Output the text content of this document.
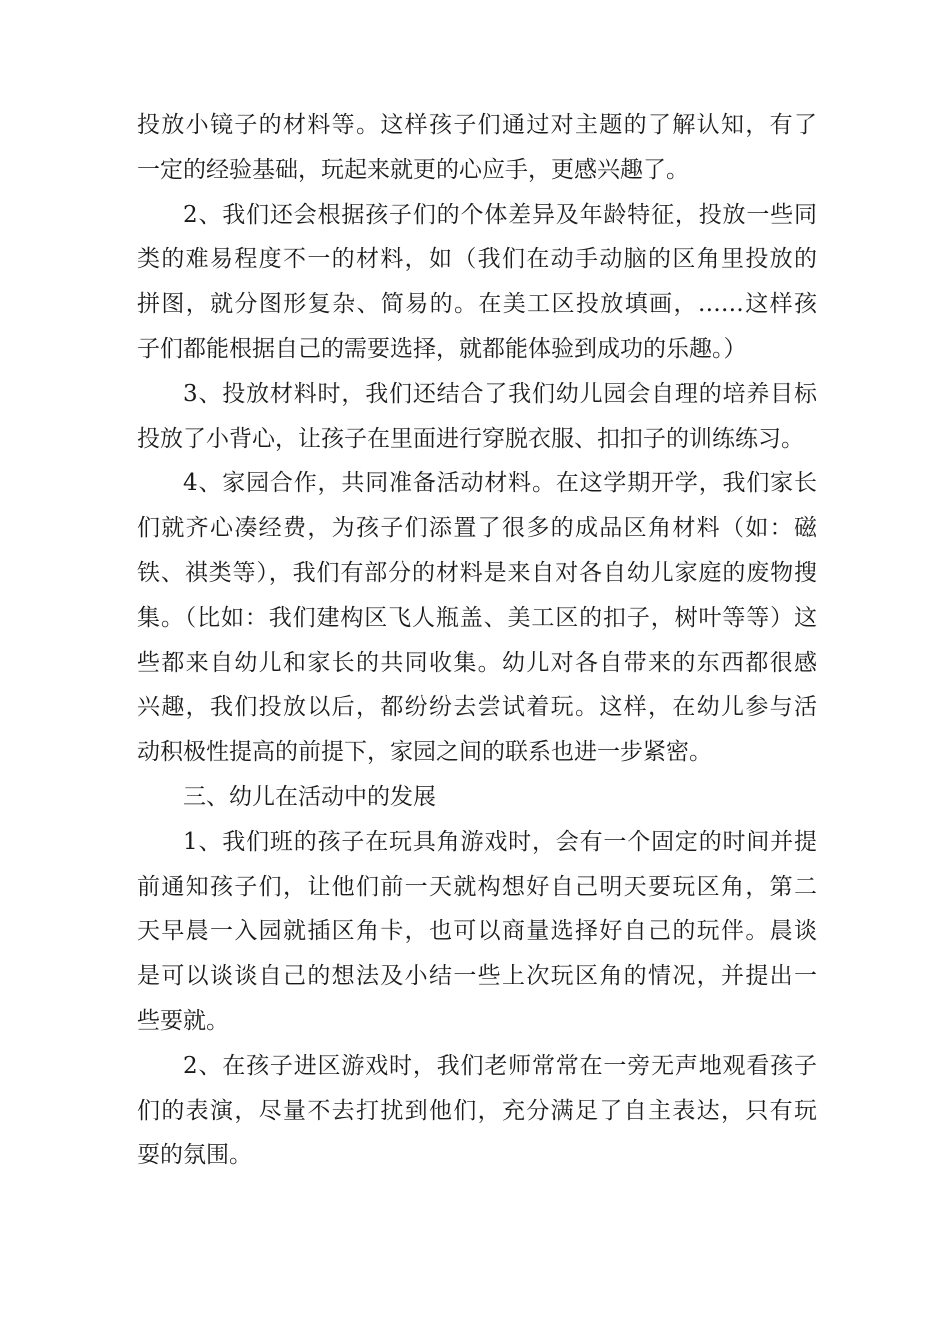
投放小镜子的材料等。这样孩子们通过对主题的了解认知，有了
一定的经验基础，玩起来就更的心应手，更感兴趣了。
2、我们还会根据孩子们的个体差异及年龄特征，投放一些同
类的难易程度不一的材料，如（我们在动手动脑的区角里投放的
拼图，就分图形复杂、简易的。在美工区投放填画，……这样孩
子们都能根据自己的需要选择，就都能体验到成功的乐趣。）
3、投放材料时，我们还结合了我们幼儿园会自理的培养目标
投放了小背心，让孩子在里面进行穿脱衣服、扣扣子的训练练习。
4、家园合作，共同准备活动材料。在这学期开学，我们家长
们就齐心凑经费，为孩子们添置了很多的成品区角材料（如：磁
铁、祺类等），我们有部分的材料是来自对各自幼儿家庭的废物搜
集。（比如：我们建构区飞人瓶盖、美工区的扣子，树叶等等）这
些都来自幼儿和家长的共同收集。幼儿对各自带来的东西都很感
兴趣，我们投放以后，都纷纷去尝试着玩。这样，在幼儿参与活
动积极性提高的前提下，家园之间的联系也进一步紧密。
三、幼儿在活动中的发展
1、我们班的孩子在玩具角游戏时，会有一个固定的时间并提
前通知孩子们，让他们前一天就构想好自己明天要玩区角，第二
天早晨一入园就插区角卡，也可以商量选择好自己的玩伴。晨谈
是可以谈谈自己的想法及小结一些上次玩区角的情况，并提出一
些要就。
2、在孩子进区游戏时，我们老师常常在一旁无声地观看孩子
们的表演，尽量不去打扰到他们，充分满足了自主表达，只有玩
耍的氛围。
